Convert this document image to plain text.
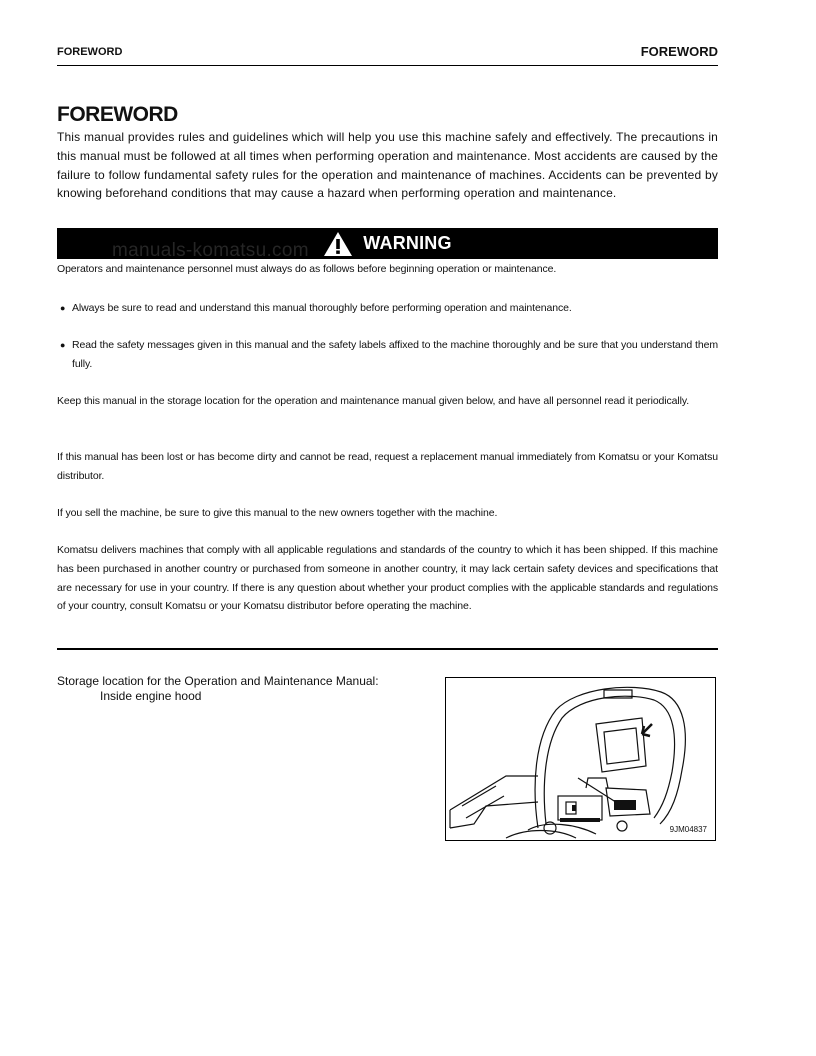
FOREWORD	FOREWORD
FOREWORD
This manual provides rules and guidelines which will help you use this machine safely and effectively. The precautions in this manual must be followed at all times when performing operation and maintenance. Most accidents are caused by the failure to follow fundamental safety rules for the operation and maintenance of machines. Accidents can be prevented by knowing beforehand conditions that may cause a hazard when performing operation and maintenance.
WARNING
manuals-komatsu.com
Operators and maintenance personnel must always do as follows before beginning operation or maintenance.
● Always be sure to read and understand this manual thoroughly before performing operation and maintenance.
● Read the safety messages given in this manual and the safety labels affixed to the machine thoroughly and be sure that you understand them fully.
Keep this manual in the storage location for the operation and maintenance manual given below, and have all personnel read it periodically.
If this manual has been lost or has become dirty and cannot be read, request a replacement manual immediately from Komatsu or your Komatsu distributor.
If you sell the machine, be sure to give this manual to the new owners together with the machine.
Komatsu delivers machines that comply with all applicable regulations and standards of the country to which it has been shipped. If this machine has been purchased in another country or purchased from someone in another country, it may lack certain safety devices and specifications that are necessary for use in your country. If there is any question about whether your product complies with the applicable standards and regulations of your country, consult Komatsu or your Komatsu distributor before operating the machine.
Storage location for the Operation and Maintenance Manual:
Inside engine hood
9JM04837
